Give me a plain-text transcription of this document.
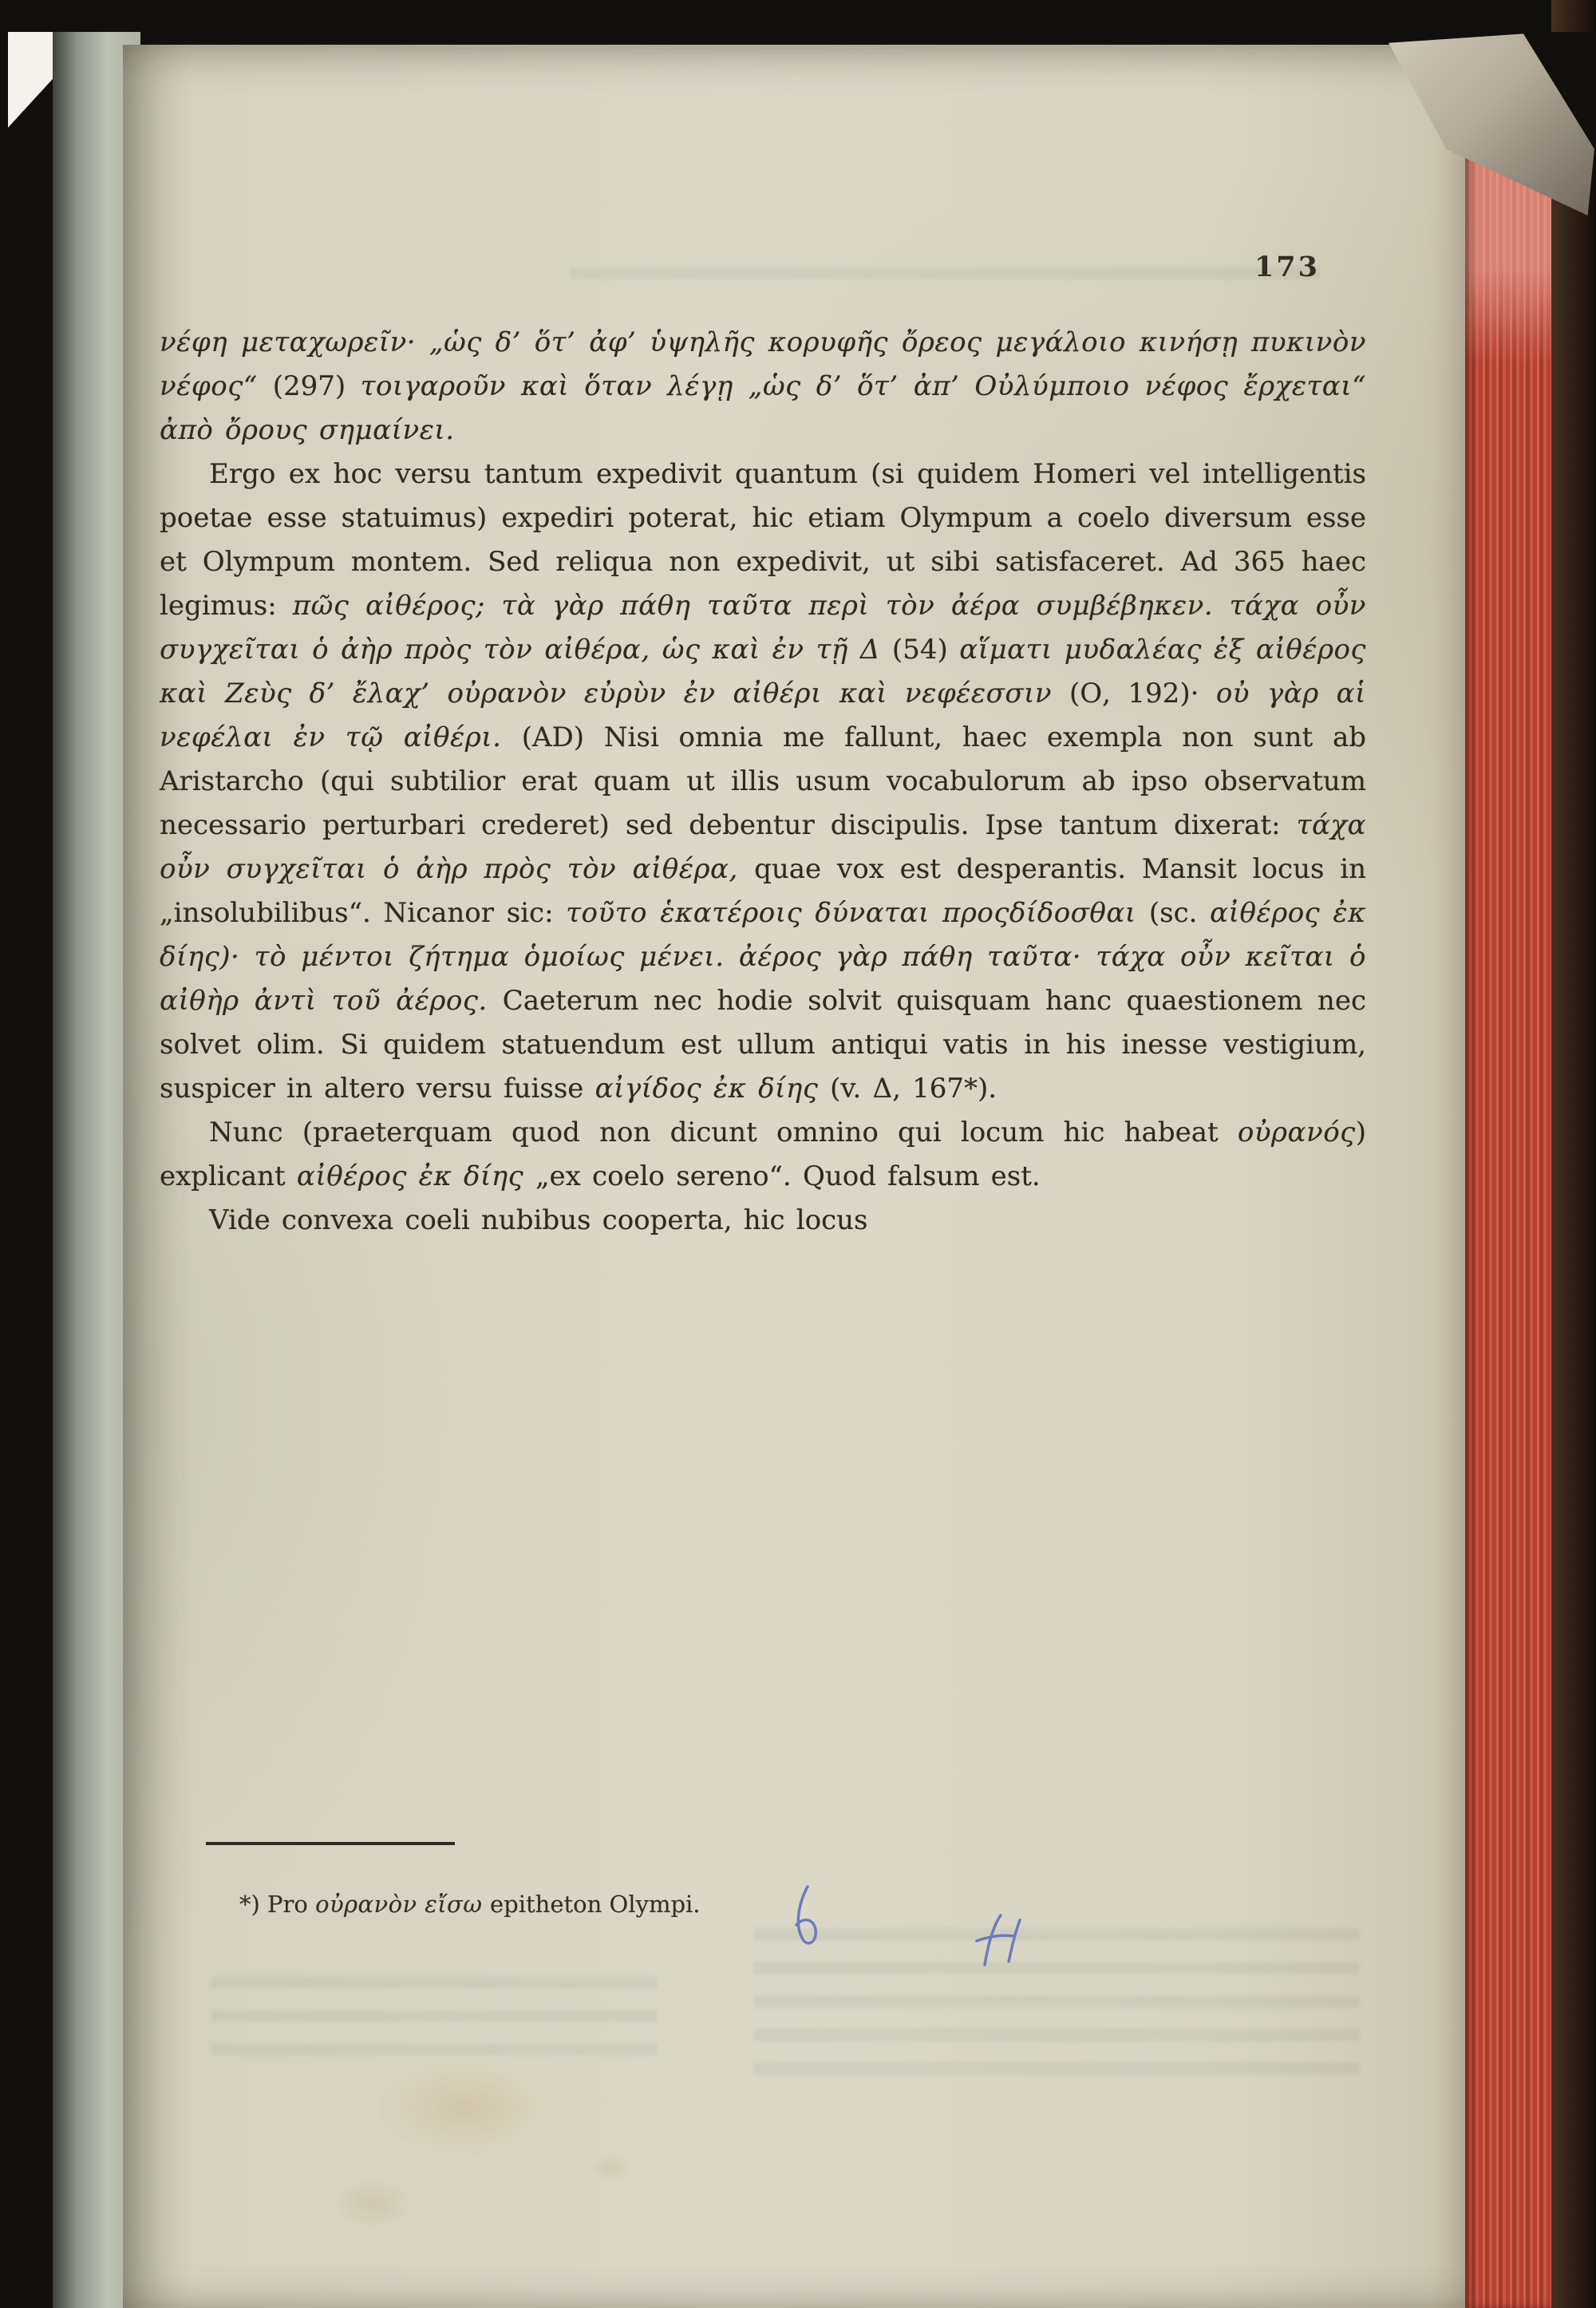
173

νέφη μεταχωρεῖν· „ὡς δ’ ὅτ’ ἀφ’ ὑψηλῆς κορυφῆς ὄρεος μεγάλοιο κινήσῃ πυκινὸν νέφος“ (297) τοιγαροῦν καὶ ὅταν λέγῃ „ὡς δ’ ὅτ’ ἀπ’ Οὐλύμποιο νέφος ἔρχεται“ ἀπὸ ὄρους σημαίνει.

Ergo ex hoc versu tantum expedivit quantum (si quidem Homeri vel intelligentis poetae esse statuimus) expediri poterat, hic etiam Olympum a coelo diversum esse et Olympum montem. Sed reliqua non expedivit, ut sibi satisfaceret. Ad 365 haec legimus: πῶς αἰθέρος; τὰ γὰρ πάθη ταῦτα περὶ τὸν ἀέρα συμβέβηκεν. τάχα οὖν συγχεῖται ὁ ἀὴρ πρὸς τὸν αἰθέρα, ὡς καὶ ἐν τῇ Δ (54) αἵματι μυδαλέας ἐξ αἰθέρος καὶ Ζεὺς δ’ ἔλαχ’ οὐρανὸν εὐρὺν ἐν αἰθέρι καὶ νεφέεσσιν (Ο, 192)· οὐ γὰρ αἱ νεφέλαι ἐν τῷ αἰθέρι. (AD) Nisi omnia me fallunt, haec exempla non sunt ab Aristarcho (qui subtilior erat quam ut illis usum vocabulorum ab ipso observatum necessario perturbari crederet) sed debentur discipulis. Ipse tantum dixerat: τάχα οὖν συγχεῖται ὁ ἀὴρ πρὸς τὸν αἰθέρα, quae vox est desperantis. Mansit locus in „insolubilibus“. Nicanor sic: τοῦτο ἑκατέροις δύναται προςδίδοσθαι (sc. αἰθέρος ἐκ δίης)· τὸ μέντοι ζήτημα ὁμοίως μένει. ἀέρος γὰρ πάθη ταῦτα· τάχα οὖν κεῖται ὁ αἰθὴρ ἀντὶ τοῦ ἀέρος. Caeterum nec hodie solvit quisquam hanc quaestionem nec solvet olim. Si quidem statuendum est ullum antiqui vatis in his inesse vestigium, suspicer in altero versu fuisse αἰγίδος ἐκ δίης (v. Δ, 167*).

Nunc (praeterquam quod non dicunt omnino qui locum hic habeat οὐρανός) explicant αἰθέρος ἐκ δίης „ex coelo sereno“. Quod falsum est.

Vide convexa coeli nubibus cooperta, hic locus

*) Pro οὐρανὸν εἴσω epitheton Olympi.
